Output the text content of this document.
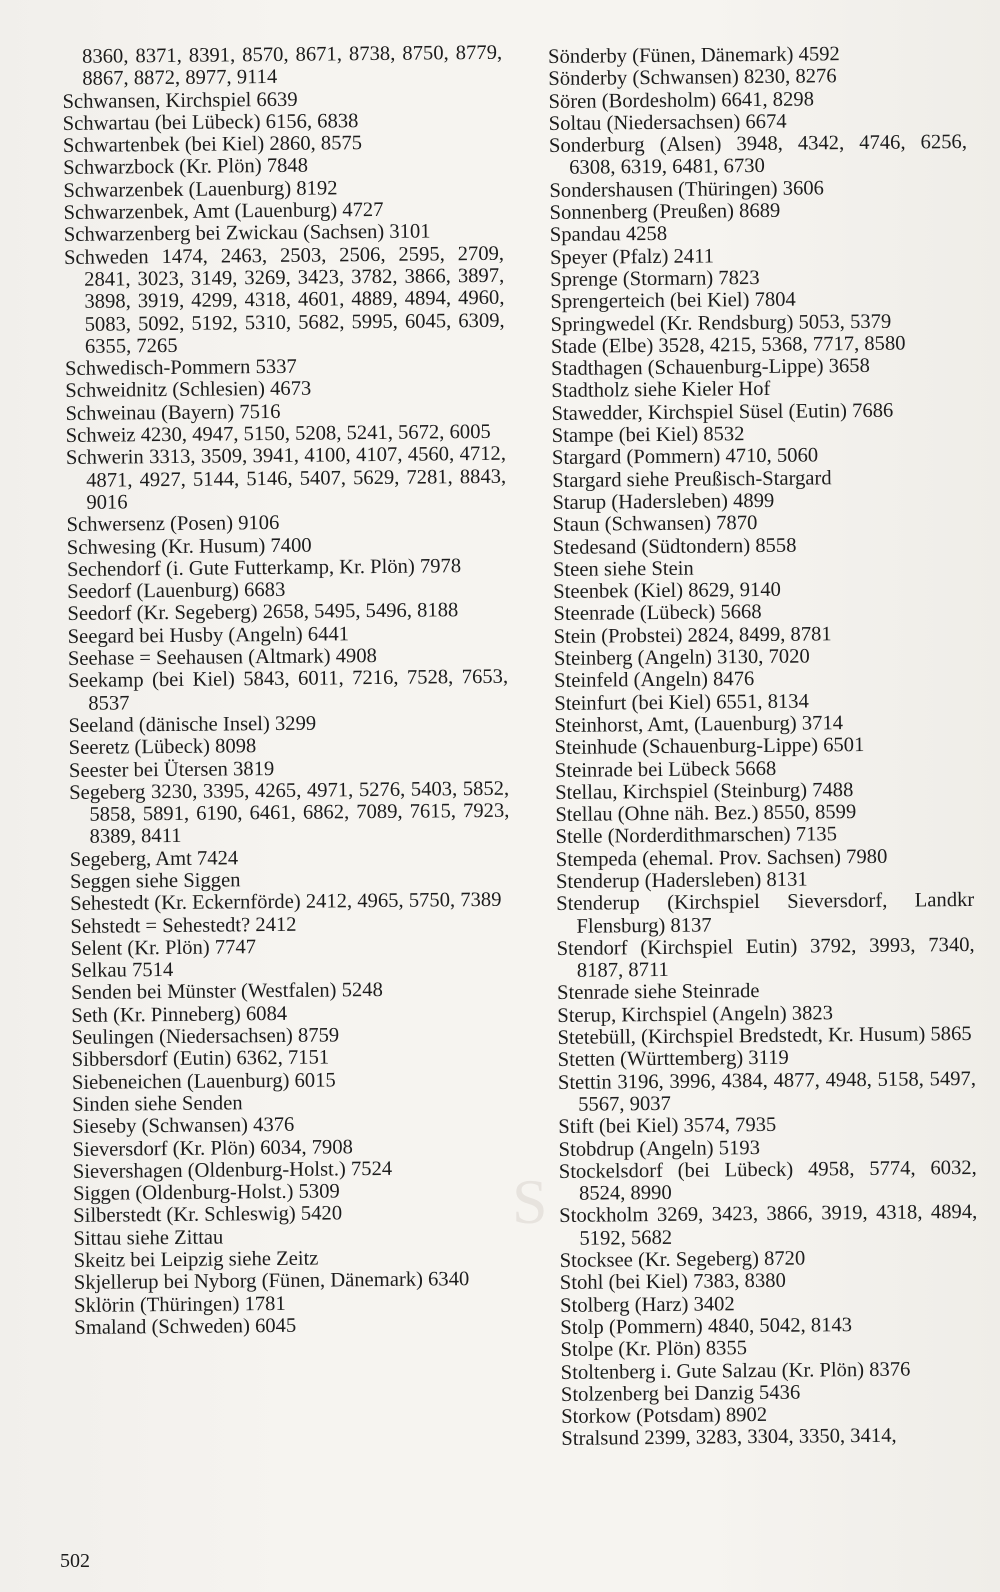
S
8360, 8371, 8391, 8570, 8671, 8738, 8750, 8779, 8867, 8872, 8977, 9114
Schwansen, Kirchspiel 6639
Schwartau (bei Lübeck) 6156, 6838
Schwartenbek (bei Kiel) 2860, 8575
Schwarzbock (Kr. Plön) 7848
Schwarzenbek (Lauenburg) 8192
Schwarzenbek, Amt (Lauenburg) 4727
Schwarzenberg bei Zwickau (Sachsen) 3101
Schweden 1474, 2463, 2503, 2506, 2595, 2709, 2841, 3023, 3149, 3269, 3423, 3782, 3866, 3897, 3898, 3919, 4299, 4318, 4601, 4889, 4894, 4960, 5083, 5092, 5192, 5310, 5682, 5995, 6045, 6309, 6355, 7265
Schwedisch-Pommern 5337
Schweidnitz (Schlesien) 4673
Schweinau (Bayern) 7516
Schweiz 4230, 4947, 5150, 5208, 5241, 5672, 6005
Schwerin 3313, 3509, 3941, 4100, 4107, 4560, 4712, 4871, 4927, 5144, 5146, 5407, 5629, 7281, 8843, 9016
Schwersenz (Posen) 9106
Schwesing (Kr. Husum) 7400
Sechendorf (i. Gute Futterkamp, Kr. Plön) 7978
Seedorf (Lauenburg) 6683
Seedorf (Kr. Segeberg) 2658, 5495, 5496, 8188
Seegard bei Husby (Angeln) 6441
Seehase = Seehausen (Altmark) 4908
Seekamp (bei Kiel) 5843, 6011, 7216, 7528, 7653, 8537
Seeland (dänische Insel) 3299
Seeretz (Lübeck) 8098
Seester bei Ütersen 3819
Segeberg 3230, 3395, 4265, 4971, 5276, 5403, 5852, 5858, 5891, 6190, 6461, 6862, 7089, 7615, 7923, 8389, 8411
Segeberg, Amt 7424
Seggen siehe Siggen
Sehestedt (Kr. Eckernförde) 2412, 4965, 5750, 7389
Sehstedt = Sehestedt? 2412
Selent (Kr. Plön) 7747
Selkau 7514
Senden bei Münster (Westfalen) 5248
Seth (Kr. Pinneberg) 6084
Seulingen (Niedersachsen) 8759
Sibbersdorf (Eutin) 6362, 7151
Siebeneichen (Lauenburg) 6015
Sinden siehe Senden
Sieseby (Schwansen) 4376
Sieversdorf (Kr. Plön) 6034, 7908
Sievershagen (Oldenburg-Holst.) 7524
Siggen (Oldenburg-Holst.) 5309
Silberstedt (Kr. Schleswig) 5420
Sittau siehe Zittau
Skeitz bei Leipzig siehe Zeitz
Skjellerup bei Nyborg (Fünen, Dänemark) 6340
Sklörin (Thüringen) 1781
Smaland (Schweden) 6045
Sönderby (Fünen, Dänemark) 4592
Sönderby (Schwansen) 8230, 8276
Sören (Bordesholm) 6641, 8298
Soltau (Niedersachsen) 6674
Sonderburg (Alsen) 3948, 4342, 4746, 6256, 6308, 6319, 6481, 6730
Sondershausen (Thüringen) 3606
Sonnenberg (Preußen) 8689
Spandau 4258
Speyer (Pfalz) 2411
Sprenge (Stormarn) 7823
Sprengerteich (bei Kiel) 7804
Springwedel (Kr. Rendsburg) 5053, 5379
Stade (Elbe) 3528, 4215, 5368, 7717, 8580
Stadthagen (Schauenburg-Lippe) 3658
Stadtholz siehe Kieler Hof
Stawedder, Kirchspiel Süsel (Eutin) 7686
Stampe (bei Kiel) 8532
Stargard (Pommern) 4710, 5060
Stargard siehe Preußisch-Stargard
Starup (Hadersleben) 4899
Staun (Schwansen) 7870
Stedesand (Südtondern) 8558
Steen siehe Stein
Steenbek (Kiel) 8629, 9140
Steenrade (Lübeck) 5668
Stein (Probstei) 2824, 8499, 8781
Steinberg (Angeln) 3130, 7020
Steinfeld (Angeln) 8476
Steinfurt (bei Kiel) 6551, 8134
Steinhorst, Amt, (Lauenburg) 3714
Steinhude (Schauenburg-Lippe) 6501
Steinrade bei Lübeck 5668
Stellau, Kirchspiel (Steinburg) 7488
Stellau (Ohne näh. Bez.) 8550, 8599
Stelle (Norderdithmarschen) 7135
Stempeda (ehemal. Prov. Sachsen) 7980
Stenderup (Hadersleben) 8131
Stenderup (Kirchspiel Sieversdorf, Landkr Flensburg) 8137
Stendorf (Kirchspiel Eutin) 3792, 3993, 7340, 8187, 8711
Stenrade siehe Steinrade
Sterup, Kirchspiel (Angeln) 3823
Stetebüll, (Kirchspiel Bredstedt, Kr. Husum) 5865
Stetten (Württemberg) 3119
Stettin 3196, 3996, 4384, 4877, 4948, 5158, 5497, 5567, 9037
Stift (bei Kiel) 3574, 7935
Stobdrup (Angeln) 5193
Stockelsdorf (bei Lübeck) 4958, 5774, 6032, 8524, 8990
Stockholm 3269, 3423, 3866, 3919, 4318, 4894, 5192, 5682
Stocksee (Kr. Segeberg) 8720
Stohl (bei Kiel) 7383, 8380
Stolberg (Harz) 3402
Stolp (Pommern) 4840, 5042, 8143
Stolpe (Kr. Plön) 8355
Stoltenberg i. Gute Salzau (Kr. Plön) 8376
Stolzenberg bei Danzig 5436
Storkow (Potsdam) 8902
Stralsund 2399, 3283, 3304, 3350, 3414,
502
